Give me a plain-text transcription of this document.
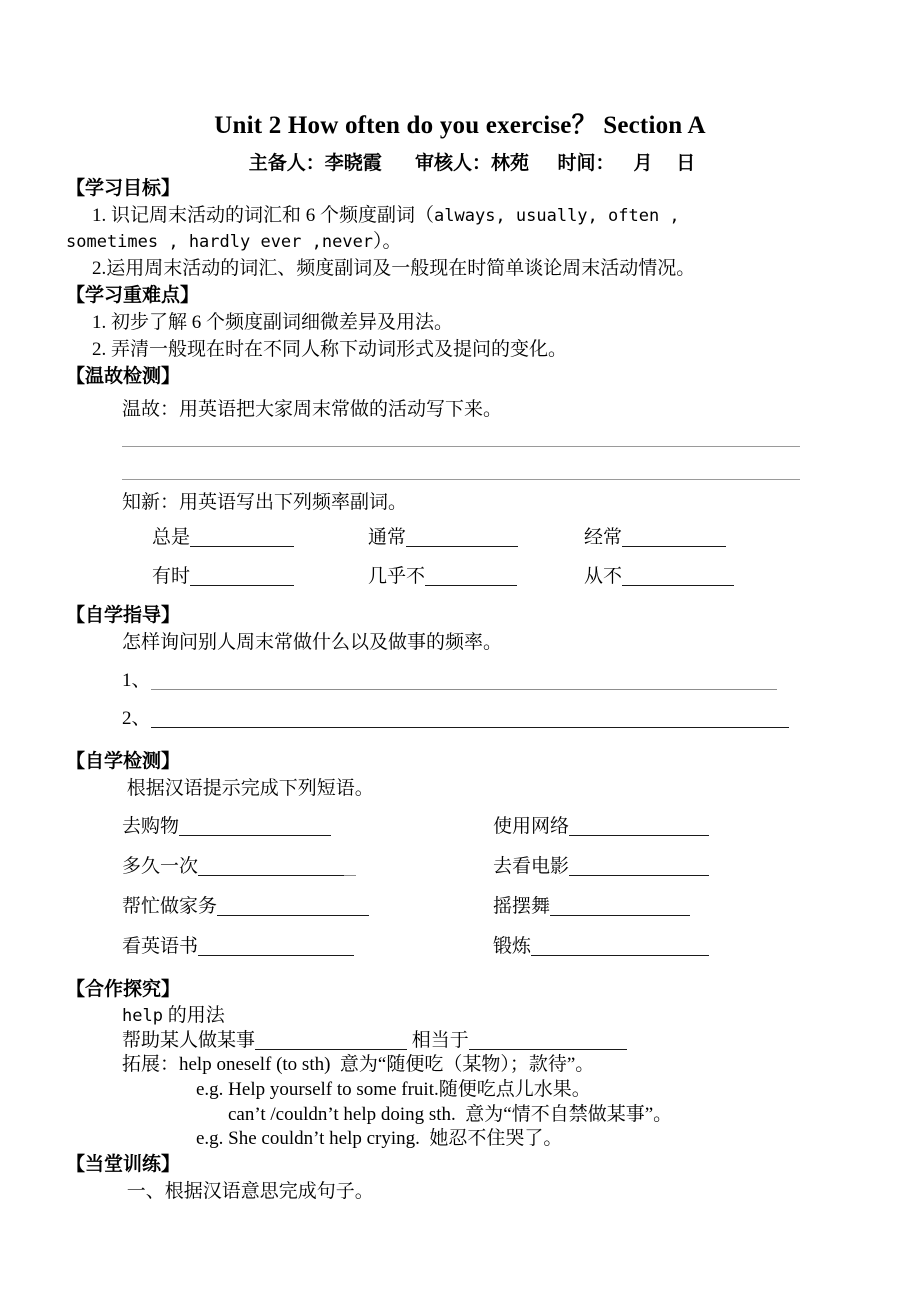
Unit 2 How often do you exercise？ Section A
主备人：李晓霞       审核人：林苑      时间：    月     日
【学习目标】
1. 识记周末活动的词汇和 6 个频度副词（always, usually, often ,
sometimes , hardly ever ,never）。
2.运用周末活动的词汇、频度副词及一般现在时简单谈论周末活动情况。
【学习重难点】
1. 初步了解 6 个频度副词细微差异及用法。
2. 弄清一般现在时在不同人称下动词形式及提问的变化。
【温故检测】
温故：用英语把大家周末常做的活动写下来。
知新：用英语写出下列频率副词。
总是	通常	经常
有时	几乎不	从不
【自学指导】
怎样询问别人周末常做什么以及做事的频率。
1、
2、
【自学检测】
根据汉语提示完成下列短语。
去购物	使用网络
多久一次	去看电影
帮忙做家务	摇摆舞
看英语书	锻炼
【合作探究】
help 的用法
帮助某人做某事	相当于
拓展：help oneself (to sth)  意为“随便吃（某物）；款待”。
e.g. Help yourself to some fruit.随便吃点儿水果。
can’t /couldn’t help doing sth.  意为“情不自禁做某事”。
e.g. She couldn’t help crying.  她忍不住哭了。
【当堂训练】
一、根据汉语意思完成句子。
